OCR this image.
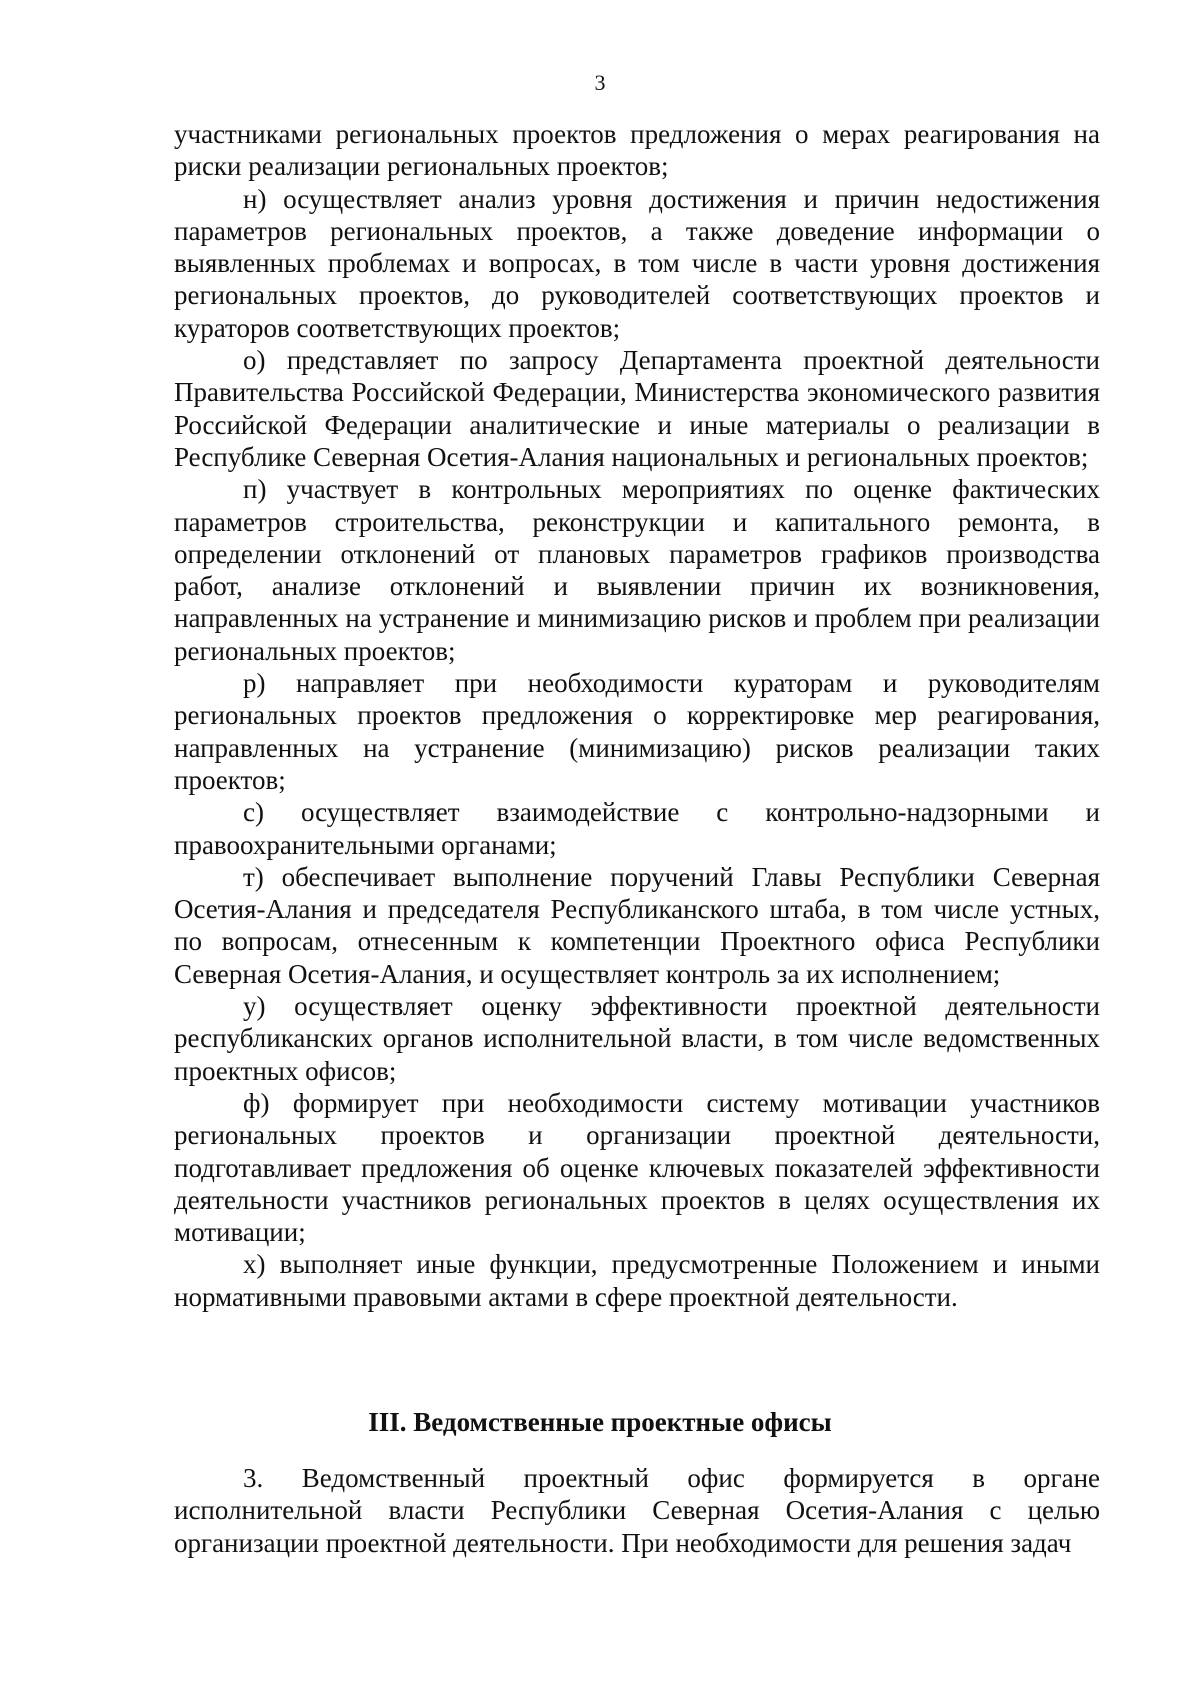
3

участниками региональных проектов предложения о мерах реагирования на риски реализации региональных проектов;

н) осуществляет анализ уровня достижения и причин недостижения параметров региональных проектов, а также доведение информации о выявленных проблемах и вопросах, в том числе в части уровня достижения региональных проектов, до руководителей соответствующих проектов и кураторов соответствующих проектов;

о) представляет по запросу Департамента проектной деятельности Правительства Российской Федерации, Министерства экономического развития Российской Федерации аналитические и иные материалы о реализации в Республике Северная Осетия-Алания национальных и региональных проектов;

п) участвует в контрольных мероприятиях по оценке фактических параметров строительства, реконструкции и капитального ремонта, в определении отклонений от плановых параметров графиков производства работ, анализе отклонений и выявлении причин их возникновения, направленных на устранение и минимизацию рисков и проблем при реализации региональных проектов;

р) направляет при необходимости кураторам и руководителям региональных проектов предложения о корректировке мер реагирования, направленных на устранение (минимизацию) рисков реализации таких проектов;

с) осуществляет взаимодействие с контрольно-надзорными и правоохранительными органами;

т) обеспечивает выполнение поручений Главы Республики Северная Осетия-Алания и председателя Республиканского штаба, в том числе устных, по вопросам, отнесенным к компетенции Проектного офиса Республики Северная Осетия-Алания, и осуществляет контроль за их исполнением;

у) осуществляет оценку эффективности проектной деятельности республиканских органов исполнительной власти, в том числе ведомственных проектных офисов;

ф) формирует при необходимости систему мотивации участников региональных проектов и организации проектной деятельности, подготавливает предложения об оценке ключевых показателей эффективности деятельности участников региональных проектов в целях осуществления их мотивации;

х) выполняет иные функции, предусмотренные Положением и иными нормативными правовыми актами в сфере проектной деятельности.

III. Ведомственные проектные офисы

3. Ведомственный проектный офис формируется в органе исполнительной власти Республики Северная Осетия-Алания с целью организации проектной деятельности. При необходимости для решения задач
